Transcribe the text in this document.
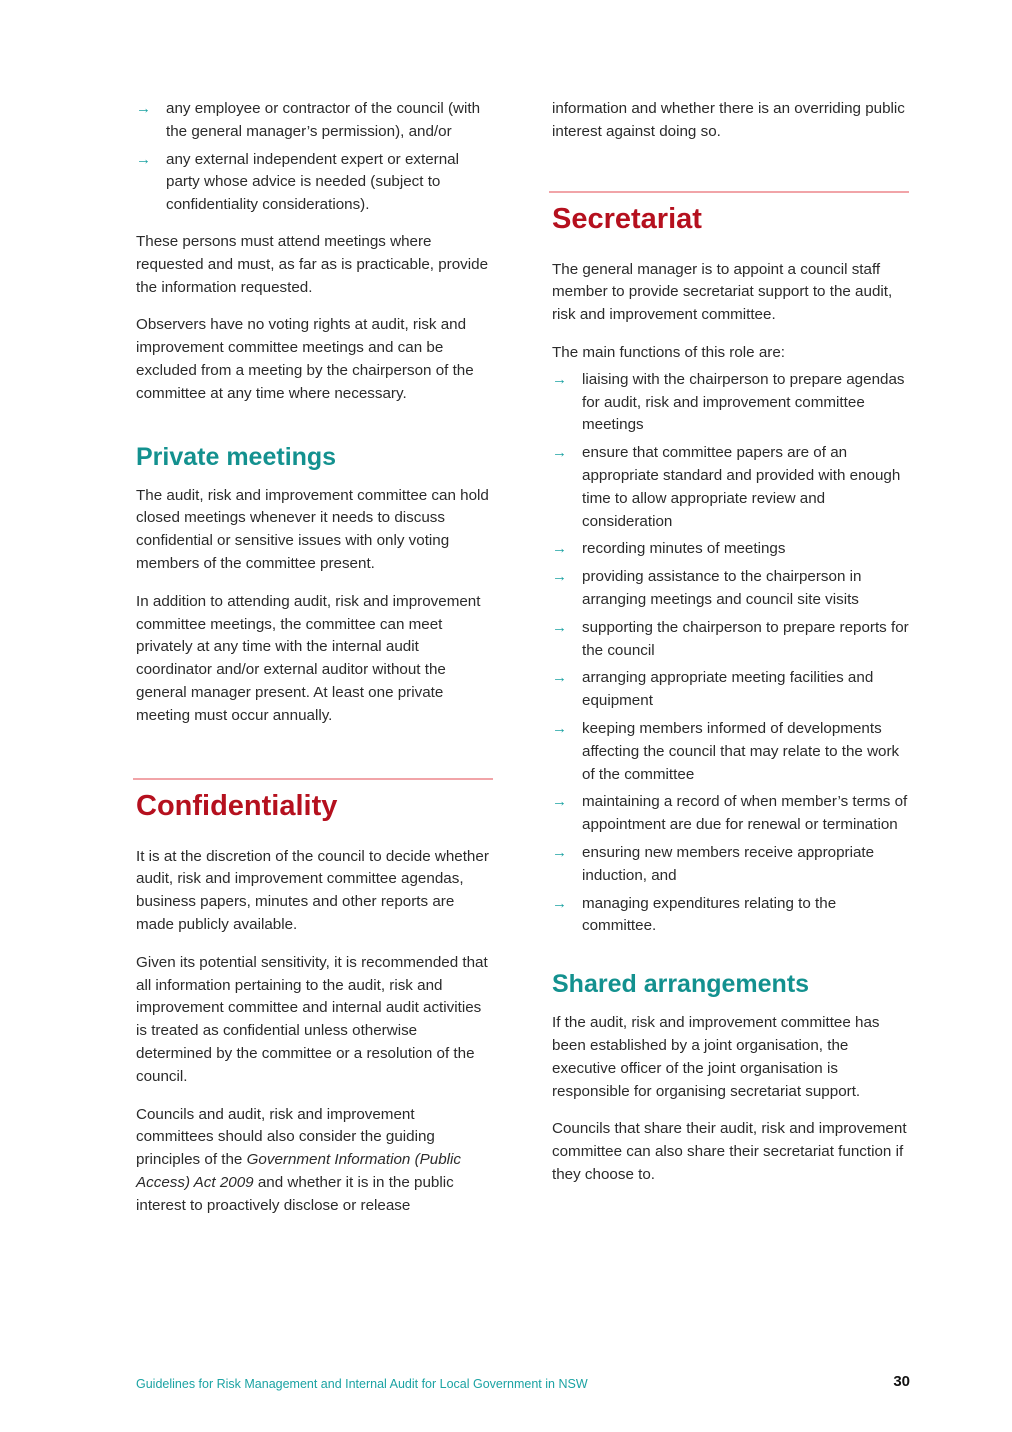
→ any employee or contractor of the council (with the general manager’s permission), and/or

→ any external independent expert or external party whose advice is needed (subject to confidentiality considerations).

These persons must attend meetings where requested and must, as far as is practicable, provide the information requested.

Observers have no voting rights at audit, risk and improvement committee meetings and can be excluded from a meeting by the chairperson of the committee at any time where necessary.

Private meetings

The audit, risk and improvement committee can hold closed meetings whenever it needs to discuss confidential or sensitive issues with only voting members of the committee present.

In addition to attending audit, risk and improvement committee meetings, the committee can meet privately at any time with the internal audit coordinator and/or external auditor without the general manager present. At least one private meeting must occur annually.

Confidentiality

It is at the discretion of the council to decide whether audit, risk and improvement committee agendas, business papers, minutes and other reports are made publicly available.

Given its potential sensitivity, it is recommended that all information pertaining to the audit, risk and improvement committee and internal audit activities is treated as confidential unless otherwise determined by the committee or a resolution of the council.

Councils and audit, risk and improvement committees should also consider the guiding principles of the Government Information (Public Access) Act 2009 and whether it is in the public interest to proactively disclose or release

information and whether there is an overriding public interest against doing so.

Secretariat

The general manager is to appoint a council staff member to provide secretariat support to the audit, risk and improvement committee.

The main functions of this role are:

→ liaising with the chairperson to prepare agendas for audit, risk and improvement committee meetings

→ ensure that committee papers are of an appropriate standard and provided with enough time to allow appropriate review and consideration

→ recording minutes of meetings

→ providing assistance to the chairperson in arranging meetings and council site visits

→ supporting the chairperson to prepare reports for the council

→ arranging appropriate meeting facilities and equipment

→ keeping members informed of developments affecting the council that may relate to the work of the committee

→ maintaining a record of when member’s terms of appointment are due for renewal or termination

→ ensuring new members receive appropriate induction, and

→ managing expenditures relating to the committee.

Shared arrangements

If the audit, risk and improvement committee has been established by a joint organisation, the executive officer of the joint organisation is responsible for organising secretariat support.

Councils that share their audit, risk and improvement committee can also share their secretariat function if they choose to.

Guidelines for Risk Management and Internal Audit for Local Government in NSW	30
